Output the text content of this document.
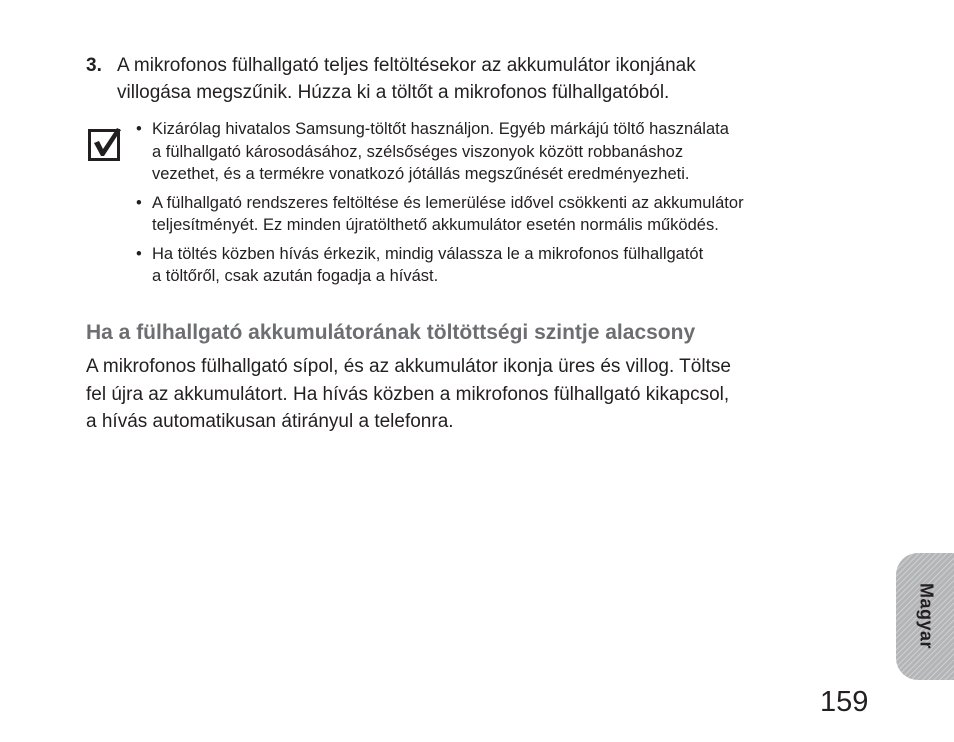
3. A mikrofonos fülhallgató teljes feltöltésekor az akkumulátor ikonjának
villogása megszűnik. Húzza ki a töltőt a mikrofonos fülhallgatóból.
• Kizárólag hivatalos Samsung-töltőt használjon. Egyéb márkájú töltő használata
a fülhallgató károsodásához, szélsőséges viszonyok között robbanáshoz
vezethet, és a termékre vonatkozó jótállás megszűnését eredményezheti.
• A fülhallgató rendszeres feltöltése és lemerülése idővel csökkenti az akkumulátor
teljesítményét. Ez minden újratölthető akkumulátor esetén normális működés.
• Ha töltés közben hívás érkezik, mindig válassza le a mikrofonos fülhallgatót
a töltőről, csak azután fogadja a hívást.
Ha a fülhallgató akkumulátorának töltöttségi szintje alacsony

A mikrofonos fülhallgató sípol, és az akkumulátor ikonja üres és villog. Töltse
fel újra az akkumulátort. Ha hívás közben a mikrofonos fülhallgató kikapcsol,
a hívás automatikusan átirányul a telefonra.

Magyar
159
